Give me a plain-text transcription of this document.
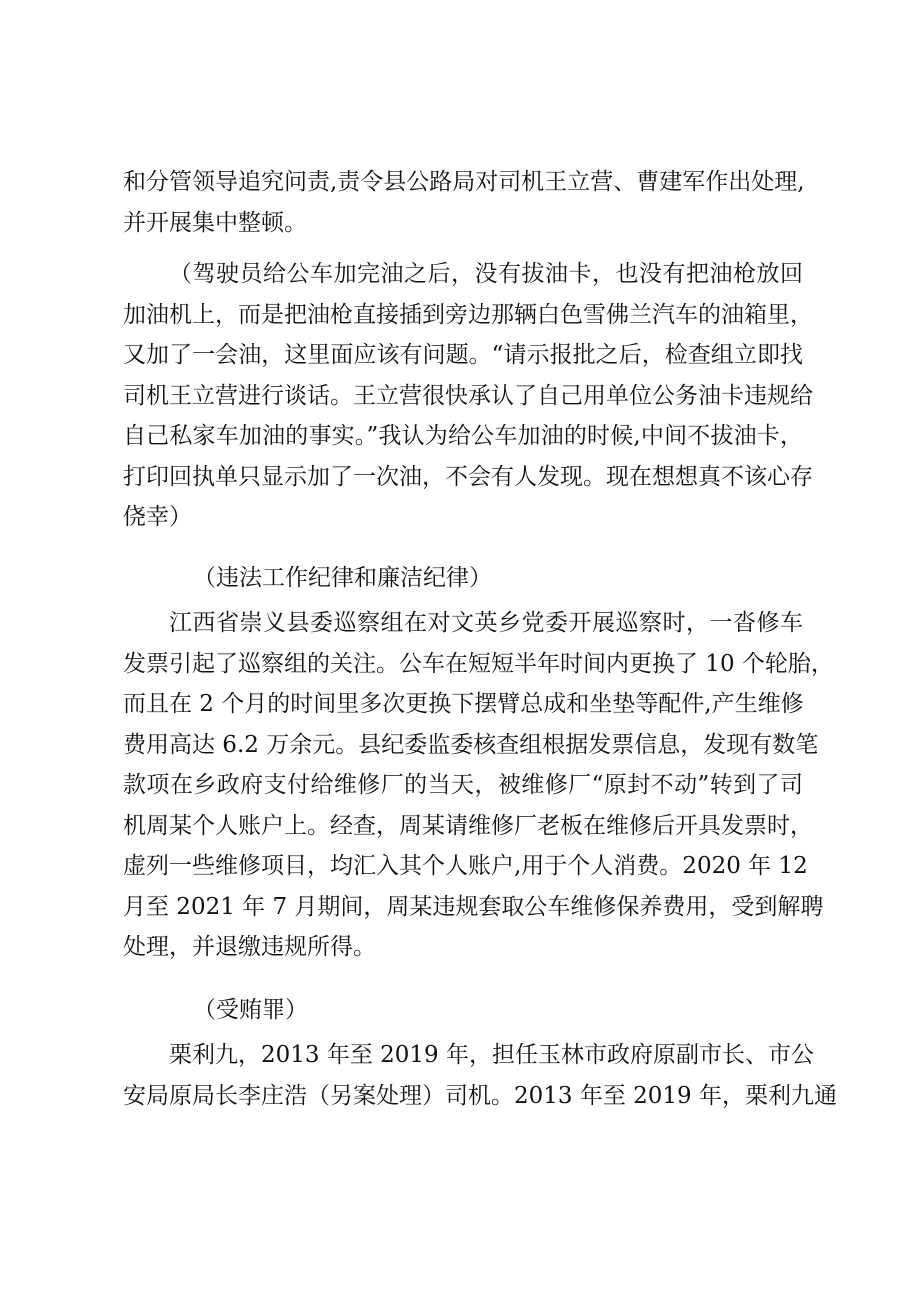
和分管领导追究问责,责令县公路局对司机王立营、曹建军作出处理,
并开展集中整顿。
（驾驶员给公车加完油之后，没有拔油卡，也没有把油枪放回
加油机上，而是把油枪直接插到旁边那辆白色雪佛兰汽车的油箱里，
又加了一会油，这里面应该有问题。“请示报批之后，检查组立即找
司机王立营进行谈话。王立营很快承认了自己用单位公务油卡违规给
自己私家车加油的事实。”我认为给公车加油的时候,中间不拔油卡，
打印回执单只显示加了一次油，不会有人发现。现在想想真不该心存
侥幸）
（违法工作纪律和廉洁纪律）
江西省崇义县委巡察组在对文英乡党委开展巡察时，一沓修车
发票引起了巡察组的关注。公车在短短半年时间内更换了 10 个轮胎，
而且在 2 个月的时间里多次更换下摆臂总成和坐垫等配件,产生维修
费用高达 6.2 万余元。县纪委监委核查组根据发票信息，发现有数笔
款项在乡政府支付给维修厂的当天，被维修厂“原封不动”转到了司
机周某个人账户上。经查，周某请维修厂老板在维修后开具发票时，
虚列一些维修项目，均汇入其个人账户,用于个人消费。2020 年 12
月至 2021 年 7 月期间，周某违规套取公车维修保养费用，受到解聘
处理，并退缴违规所得。
（受贿罪）
栗利九，2013 年至 2019 年，担任玉林市政府原副市长、市公
安局原局长李庄浩（另案处理）司机。2013 年至 2019 年，栗利九通
